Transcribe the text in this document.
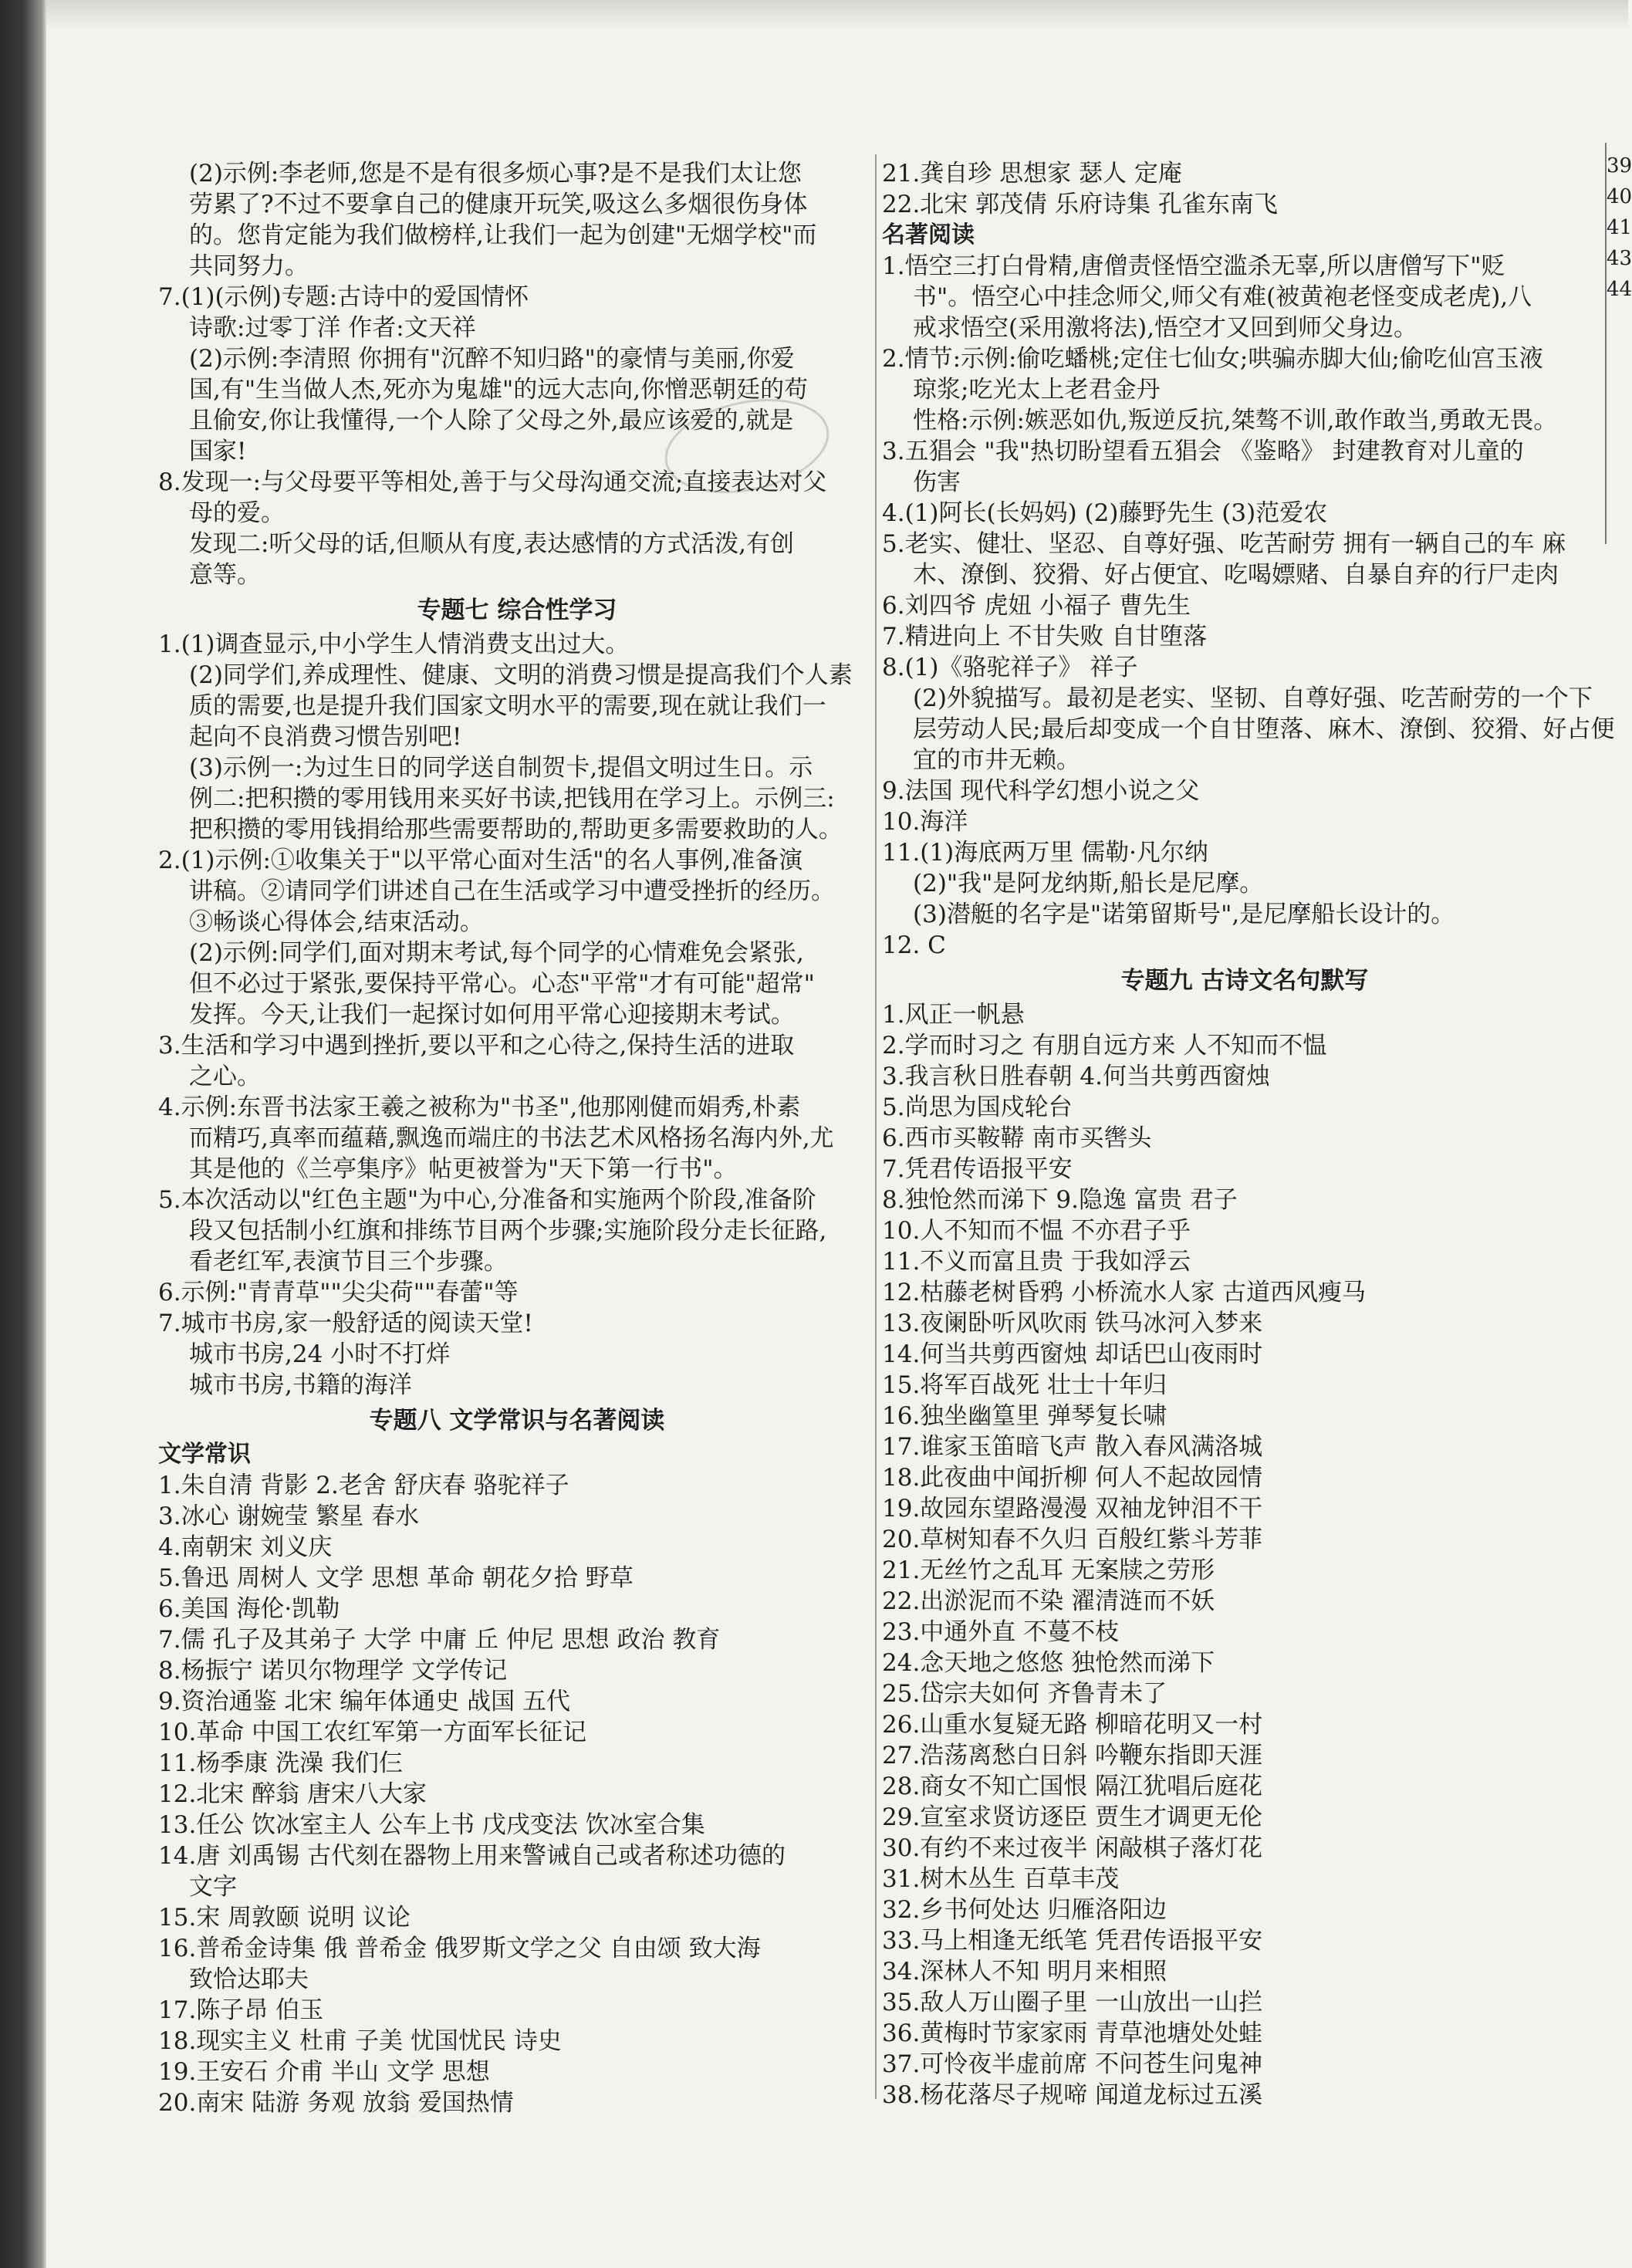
(2)示例:李老师,您是不是有很多烦心事?是不是我们太让您
劳累了?不过不要拿自己的健康开玩笑,吸这么多烟很伤身体
的。您肯定能为我们做榜样,让我们一起为创建"无烟学校"而
共同努力。
7.(1)(示例)专题:古诗中的爱国情怀
诗歌:过零丁洋 作者:文天祥
(2)示例:李清照 你拥有"沉醉不知归路"的豪情与美丽,你爱
国,有"生当做人杰,死亦为鬼雄"的远大志向,你憎恶朝廷的苟
且偷安,你让我懂得,一个人除了父母之外,最应该爱的,就是
国家!
8.发现一:与父母要平等相处,善于与父母沟通交流;直接表达对父
母的爱。
发现二:听父母的话,但顺从有度,表达感情的方式活泼,有创
意等。
专题七 综合性学习
1.(1)调查显示,中小学生人情消费支出过大。
(2)同学们,养成理性、健康、文明的消费习惯是提高我们个人素
质的需要,也是提升我们国家文明水平的需要,现在就让我们一
起向不良消费习惯告别吧!
(3)示例一:为过生日的同学送自制贺卡,提倡文明过生日。示
例二:把积攒的零用钱用来买好书读,把钱用在学习上。示例三:
把积攒的零用钱捐给那些需要帮助的,帮助更多需要救助的人。
2.(1)示例:①收集关于"以平常心面对生活"的名人事例,准备演
讲稿。②请同学们讲述自己在生活或学习中遭受挫折的经历。
③畅谈心得体会,结束活动。
(2)示例:同学们,面对期末考试,每个同学的心情难免会紧张,
但不必过于紧张,要保持平常心。心态"平常"才有可能"超常"
发挥。今天,让我们一起探讨如何用平常心迎接期末考试。
3.生活和学习中遇到挫折,要以平和之心待之,保持生活的进取
之心。
4.示例:东晋书法家王羲之被称为"书圣",他那刚健而娟秀,朴素
而精巧,真率而蕴藉,飘逸而端庄的书法艺术风格扬名海内外,尤
其是他的《兰亭集序》帖更被誉为"天下第一行书"。
5.本次活动以"红色主题"为中心,分准备和实施两个阶段,准备阶
段又包括制小红旗和排练节目两个步骤;实施阶段分走长征路,
看老红军,表演节目三个步骤。
6.示例:"青青草""尖尖荷""春蕾"等
7.城市书房,家一般舒适的阅读天堂!
城市书房,24 小时不打烊
城市书房,书籍的海洋
专题八 文学常识与名著阅读
文学常识
1.朱自清 背影 2.老舍 舒庆春 骆驼祥子
3.冰心 谢婉莹 繁星 春水
4.南朝宋 刘义庆
5.鲁迅 周树人 文学 思想 革命 朝花夕拾 野草
6.美国 海伦·凯勒
7.儒 孔子及其弟子 大学 中庸 丘 仲尼 思想 政治 教育
8.杨振宁 诺贝尔物理学 文学传记
9.资治通鉴 北宋 编年体通史 战国 五代
10.革命 中国工农红军第一方面军长征记
11.杨季康 洗澡 我们仨
12.北宋 醉翁 唐宋八大家
13.任公 饮冰室主人 公车上书 戊戌变法 饮冰室合集
14.唐 刘禹锡 古代刻在器物上用来警诫自己或者称述功德的
文字
15.宋 周敦颐 说明 议论
16.普希金诗集 俄 普希金 俄罗斯文学之父 自由颂 致大海
致恰达耶夫
17.陈子昂 伯玉
18.现实主义 杜甫 子美 忧国忧民 诗史
19.王安石 介甫 半山 文学 思想
20.南宋 陆游 务观 放翁 爱国热情
21.龚自珍 思想家 瑟人 定庵
22.北宋 郭茂倩 乐府诗集 孔雀东南飞
名著阅读
1.悟空三打白骨精,唐僧责怪悟空滥杀无辜,所以唐僧写下"贬
书"。悟空心中挂念师父,师父有难(被黄袍老怪变成老虎),八
戒求悟空(采用激将法),悟空才又回到师父身边。
2.情节:示例:偷吃蟠桃;定住七仙女;哄骗赤脚大仙;偷吃仙宫玉液
琼浆;吃光太上老君金丹
性格:示例:嫉恶如仇,叛逆反抗,桀骜不训,敢作敢当,勇敢无畏。
3.五猖会 "我"热切盼望看五猖会 《鉴略》 封建教育对儿童的
伤害
4.(1)阿长(长妈妈) (2)藤野先生 (3)范爱农
5.老实、健壮、坚忍、自尊好强、吃苦耐劳 拥有一辆自己的车 麻
木、潦倒、狡猾、好占便宜、吃喝嫖赌、自暴自弃的行尸走肉
6.刘四爷 虎妞 小福子 曹先生
7.精进向上 不甘失败 自甘堕落
8.(1)《骆驼祥子》 祥子
(2)外貌描写。最初是老实、坚韧、自尊好强、吃苦耐劳的一个下
层劳动人民;最后却变成一个自甘堕落、麻木、潦倒、狡猾、好占便
宜的市井无赖。
9.法国 现代科学幻想小说之父
10.海洋
11.(1)海底两万里 儒勒·凡尔纳
(2)"我"是阿龙纳斯,船长是尼摩。
(3)潜艇的名字是"诺第留斯号",是尼摩船长设计的。
12. C
专题九 古诗文名句默写
1.风正一帆悬
2.学而时习之 有朋自远方来 人不知而不愠
3.我言秋日胜春朝 4.何当共剪西窗烛
5.尚思为国戍轮台
6.西市买鞍鞯 南市买辔头
7.凭君传语报平安
8.独怆然而涕下 9.隐逸 富贵 君子
10.人不知而不愠 不亦君子乎
11.不义而富且贵 于我如浮云
12.枯藤老树昏鸦 小桥流水人家 古道西风瘦马
13.夜阑卧听风吹雨 铁马冰河入梦来
14.何当共剪西窗烛 却话巴山夜雨时
15.将军百战死 壮士十年归
16.独坐幽篁里 弹琴复长啸
17.谁家玉笛暗飞声 散入春风满洛城
18.此夜曲中闻折柳 何人不起故园情
19.故园东望路漫漫 双袖龙钟泪不干
20.草树知春不久归 百般红紫斗芳菲
21.无丝竹之乱耳 无案牍之劳形
22.出淤泥而不染 濯清涟而不妖
23.中通外直 不蔓不枝
24.念天地之悠悠 独怆然而涕下
25.岱宗夫如何 齐鲁青未了
26.山重水复疑无路 柳暗花明又一村
27.浩荡离愁白日斜 吟鞭东指即天涯
28.商女不知亡国恨 隔江犹唱后庭花
29.宣室求贤访逐臣 贾生才调更无伦
30.有约不来过夜半 闲敲棋子落灯花
31.树木丛生 百草丰茂
32.乡书何处达 归雁洛阳边
33.马上相逢无纸笔 凭君传语报平安
34.深林人不知 明月来相照
35.敌人万山圈子里 一山放出一山拦
36.黄梅时节家家雨 青草池塘处处蛙
37.可怜夜半虚前席 不问苍生问鬼神
38.杨花落尽子规啼 闻道龙标过五溪
39
40
41
43
44
